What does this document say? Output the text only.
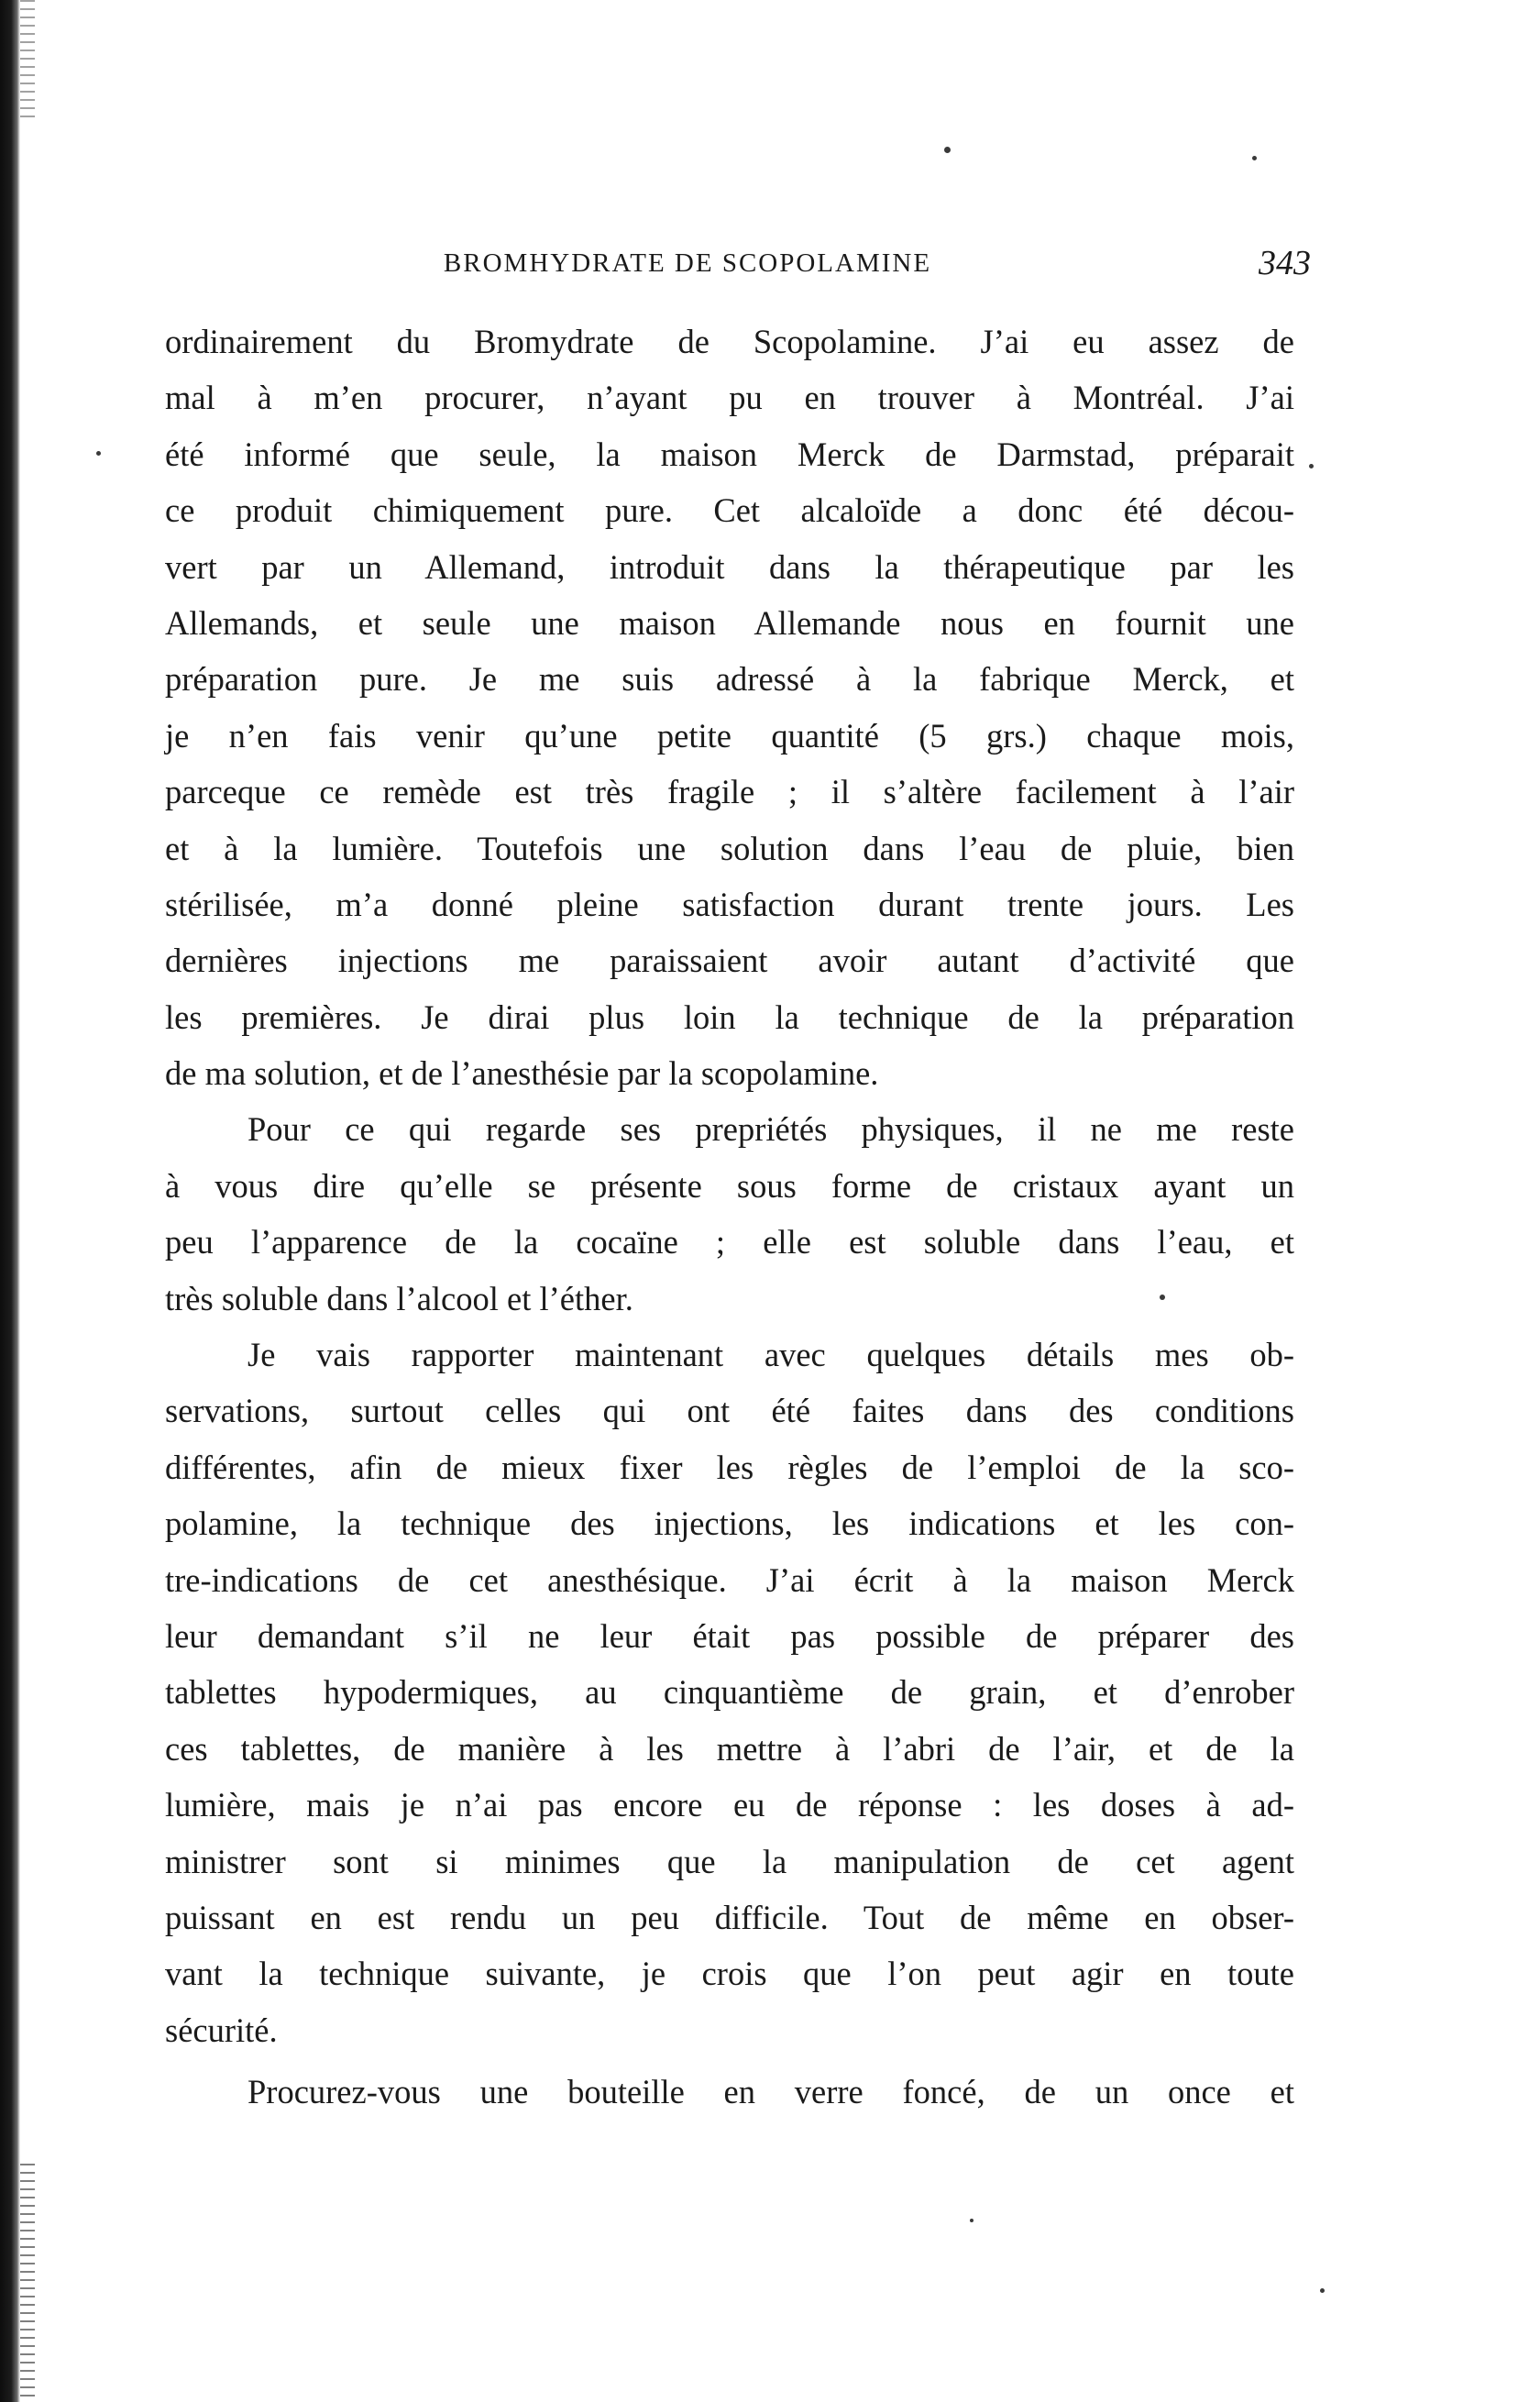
BROMHYDRATE DE SCOPOLAMINE	343
ordinairement du Bromydrate de Scopolamine. J’ai eu assez de
mal à m’en procurer, n’ayant pu en trouver à Montréal. J’ai
été informé que seule, la maison Merck de Darmstad, préparait
ce produit chimiquement pure. Cet alcaloïde a donc été décou-
vert par un Allemand, introduit dans la thérapeutique par les
Allemands, et seule une maison Allemande nous en fournit une
préparation pure. Je me suis adressé à la fabrique Merck, et
je n’en fais venir qu’une petite quantité (5 grs.) chaque mois,
parceque ce remède est très fragile ; il s’altère facilement à l’air
et à la lumière. Toutefois une solution dans l’eau de pluie, bien
stérilisée, m’a donné pleine satisfaction durant trente jours. Les
dernières injections me paraissaient avoir autant d’activité que
les premières. Je dirai plus loin la technique de la préparation
de ma solution, et de l’anesthésie par la scopolamine.
Pour ce qui regarde ses prepriétés physiques, il ne me reste
à vous dire qu’elle se présente sous forme de cristaux ayant un
peu l’apparence de la cocaïne ; elle est soluble dans l’eau, et
très soluble dans l’alcool et l’éther.
Je vais rapporter maintenant avec quelques détails mes ob-
servations, surtout celles qui ont été faites dans des conditions
différentes, afin de mieux fixer les règles de l’emploi de la sco-
polamine, la technique des injections, les indications et les con-
tre-indications de cet anesthésique. J’ai écrit à la maison Merck
leur demandant s’il ne leur était pas possible de préparer des
tablettes hypodermiques, au cinquantième de grain, et d’enrober
ces tablettes, de manière à les mettre à l’abri de l’air, et de la
lumière, mais je n’ai pas encore eu de réponse : les doses à ad-
ministrer sont si minimes que la manipulation de cet agent
puissant en est rendu un peu difficile. Tout de même en obser-
vant la technique suivante, je crois que l’on peut agir en toute
sécurité.
Procurez-vous une bouteille en verre foncé, de un once et
